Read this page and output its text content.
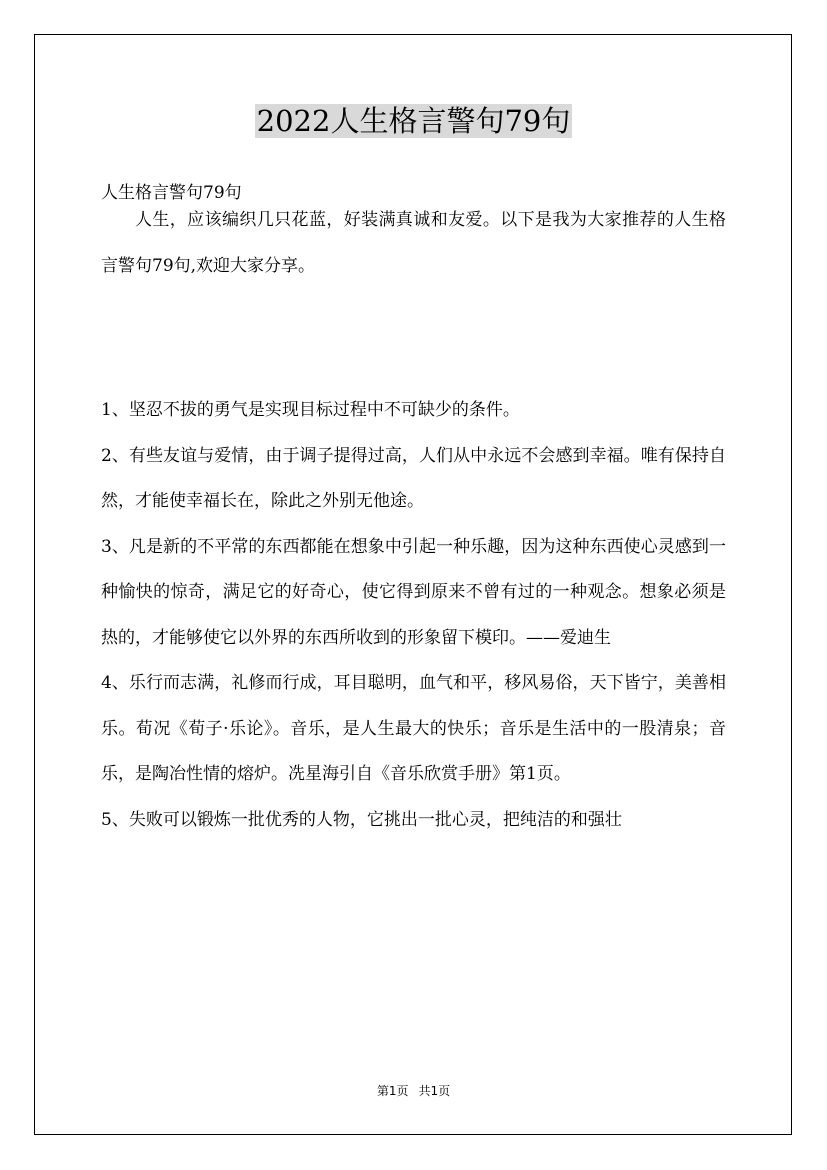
2022人生格言警句79句
人生格言警句79句

人生，应该编织几只花蓝，好装满真诚和友爱。以下是我为大家推荐的人生格言警句79句,欢迎大家分享。

1、坚忍不拔的勇气是实现目标过程中不可缺少的条件。

2、有些友谊与爱情，由于调子提得过高，人们从中永远不会感到幸福。唯有保持自然，才能使幸福长在，除此之外别无他途。

3、凡是新的不平常的东西都能在想象中引起一种乐趣，因为这种东西使心灵感到一种愉快的惊奇，满足它的好奇心，使它得到原来不曾有过的一种观念。想象必须是热的，才能够使它以外界的东西所收到的形象留下模印。——爱迪生

4、乐行而志满，礼修而行成，耳目聪明，血气和平，移风易俗，天下皆宁，美善相乐。荀况《荀子·乐论》。音乐，是人生最大的快乐；音乐是生活中的一股清泉；音乐，是陶冶性情的熔炉。冼星海引自《音乐欣赏手册》第1页。

5、失败可以锻炼一批优秀的人物，它挑出一批心灵，把纯洁的和强壮

第1页 共1页
